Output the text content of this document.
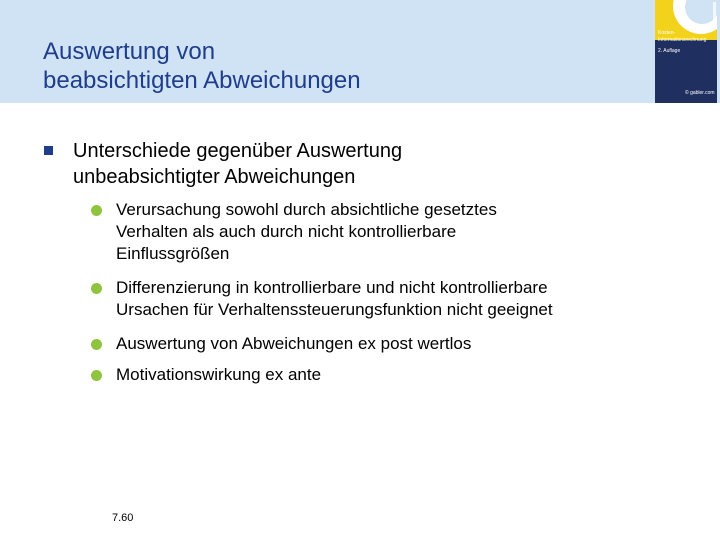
Auswertung von
beabsichtigten Abweichungen
Kosten-
Informationsrechnung
2. Auflage
© gabler.com

Unterschiede gegenüber Auswertung
unbeabsichtigter Abweichungen

Verursachung sowohl durch absichtliche gesetztes
Verhalten als auch durch nicht kontrollierbare
Einflussgrößen

Differenzierung in kontrollierbare und nicht kontrollierbare
Ursachen für Verhaltenssteuerungsfunktion nicht geeignet

Auswertung von Abweichungen ex post wertlos

Motivationswirkung ex ante

7.60
